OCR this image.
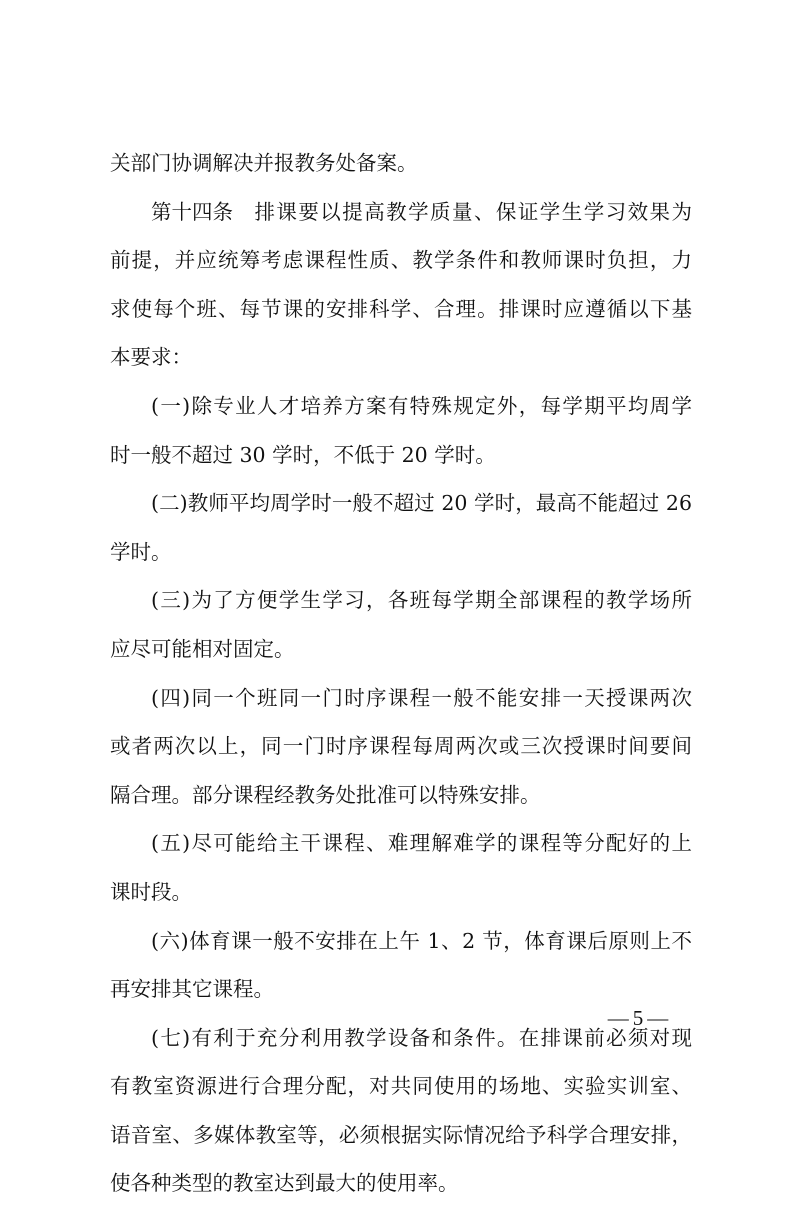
关部门协调解决并报教务处备案。
第十四条 排课要以提高教学质量、保证学生学习效果为
前提，并应统筹考虑课程性质、教学条件和教师课时负担，力
求使每个班、每节课的安排科学、合理。排课时应遵循以下基
本要求：
(一)除专业人才培养方案有特殊规定外，每学期平均周学
时一般不超过 30 学时，不低于 20 学时。
(二)教师平均周学时一般不超过 20 学时，最高不能超过 26
学时。
(三)为了方便学生学习，各班每学期全部课程的教学场所
应尽可能相对固定。
(四)同一个班同一门时序课程一般不能安排一天授课两次
或者两次以上，同一门时序课程每周两次或三次授课时间要间
隔合理。部分课程经教务处批准可以特殊安排。
(五)尽可能给主干课程、难理解难学的课程等分配好的上
课时段。
(六)体育课一般不安排在上午 1、2 节，体育课后原则上不
再安排其它课程。
(七)有利于充分利用教学设备和条件。在排课前必须对现
有教室资源进行合理分配，对共同使用的场地、实验实训室、
语音室、多媒体教室等，必须根据实际情况给予科学合理安排，
使各种类型的教室达到最大的使用率。
— 5 —
